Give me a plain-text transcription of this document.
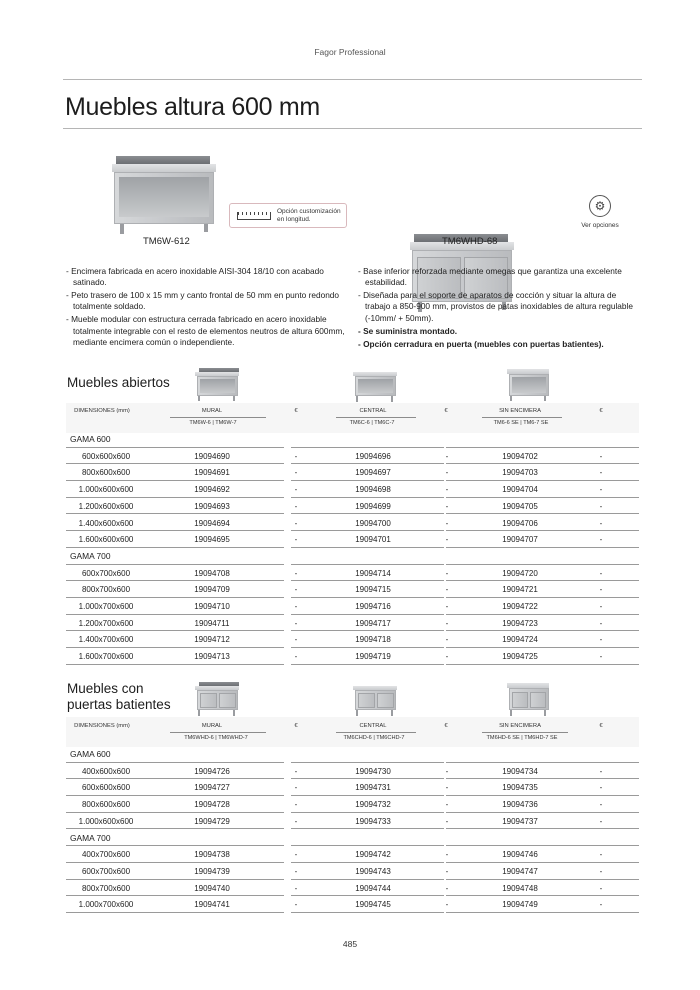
Fagor Professional
Muebles altura 600 mm
TM6W-612
Opción customización
en longitud.
TM6WHD-68
⚙
Ver opciones
- Encimera fabricada en acero inoxidable AISI-304 18/10 con acabado satinado.
- Peto trasero de 100 x 15 mm y canto frontal de 50 mm en punto redondo totalmente soldado.
- Mueble modular con estructura cerrada fabricado en acero inoxidable totalmente integrable con el resto de elementos neutros de altura 600mm, mediante encimera común o independiente.
- Base inferior reforzada mediante omegas que garantiza una excelente estabilidad.
- Diseñada para el soporte de aparatos de cocción y situar la altura de trabajo a 850-900 mm, provistos de patas inoxidables de altura regulable (-10mm/ + 50mm).
- Se suministra montado.
- Opción cerradura en puerta (muebles con puertas batientes).
Muebles abiertos
DIMENSIONES (mm)	MURAL
TM6W-6 | TM6W-7
€	CENTRAL
TM6C-6 | TM6C-7
€	SIN ENCIMERA
TM6-6 SE | TM6-7 SE
€
GAMA 600
600x600x600	19094690	-	19094696	-	19094702	-
800x600x600	19094691	-	19094697	-	19094703	-
1.000x600x600	19094692	-	19094698	-	19094704	-
1.200x600x600	19094693	-	19094699	-	19094705	-
1.400x600x600	19094694	-	19094700	-	19094706	-
1.600x600x600	19094695	-	19094701	-	19094707	-
GAMA 700
600x700x600	19094708	-	19094714	-	19094720	-
800x700x600	19094709	-	19094715	-	19094721	-
1.000x700x600	19094710	-	19094716	-	19094722	-
1.200x700x600	19094711	-	19094717	-	19094723	-
1.400x700x600	19094712	-	19094718	-	19094724	-
1.600x700x600	19094713	-	19094719	-	19094725	-
Muebles con
puertas batientes
DIMENSIONES (mm)	MURAL
TM6WHD-6 | TM6WHD-7
€	CENTRAL
TM6CHD-6 | TM6CHD-7
€	SIN ENCIMERA
TM6HD-6 SE | TM6HD-7 SE
€
GAMA 600
400x600x600	19094726	-	19094730	-	19094734	-
600x600x600	19094727	-	19094731	-	19094735	-
800x600x600	19094728	-	19094732	-	19094736	-
1.000x600x600	19094729	-	19094733	-	19094737	-
GAMA 700
400x700x600	19094738	-	19094742	-	19094746	-
600x700x600	19094739	-	19094743	-	19094747	-
800x700x600	19094740	-	19094744	-	19094748	-
1.000x700x600	19094741	-	19094745	-	19094749	-
485
